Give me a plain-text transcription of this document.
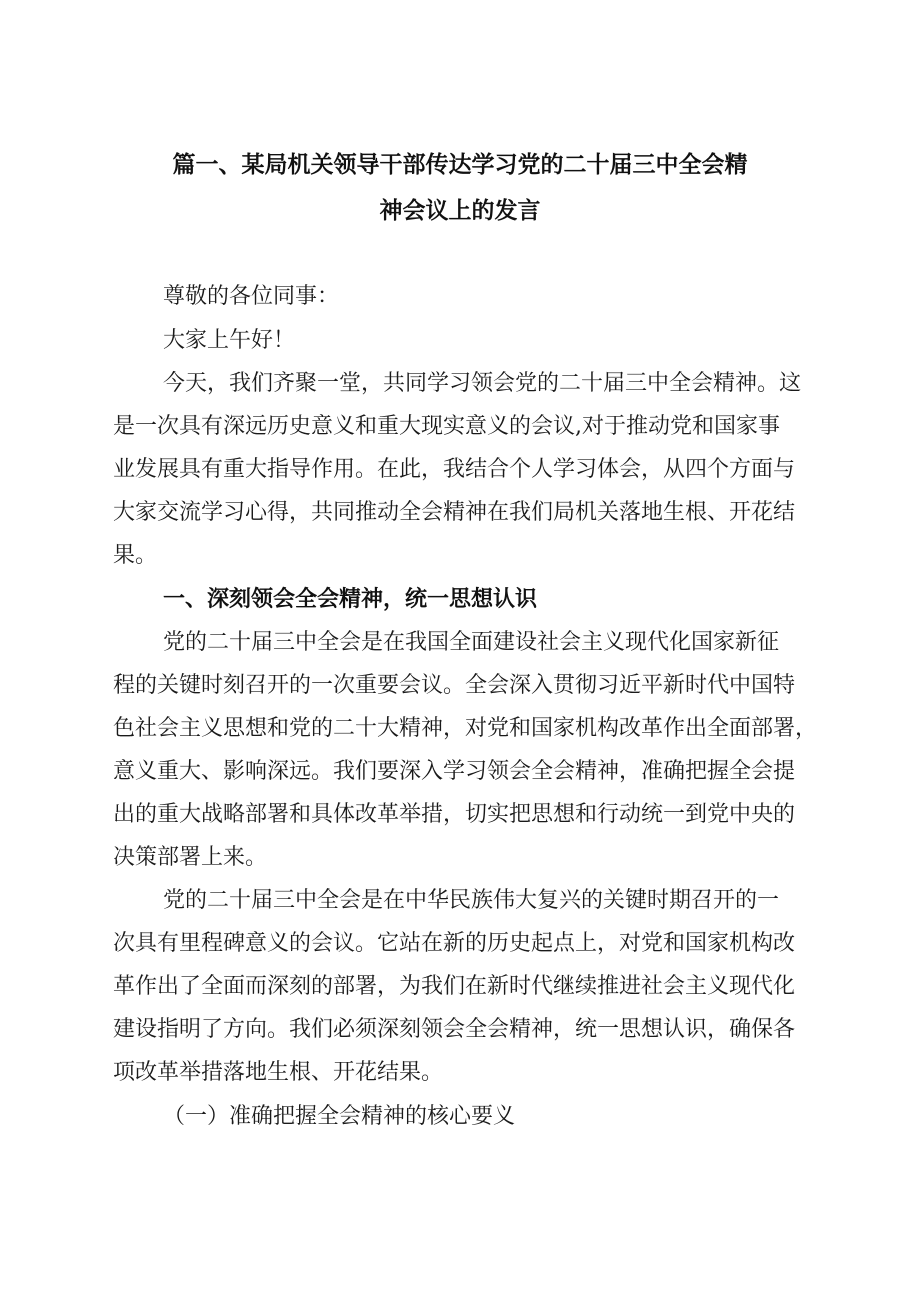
篇一、某局机关领导干部传达学习党的二十届三中全会精
神会议上的发言
尊敬的各位同事：
大家上午好！
今天，我们齐聚一堂，共同学习领会党的二十届三中全会精神。这
是一次具有深远历史意义和重大现实意义的会议,对于推动党和国家事
业发展具有重大指导作用。在此，我结合个人学习体会，从四个方面与
大家交流学习心得，共同推动全会精神在我们局机关落地生根、开花结
果。
一、深刻领会全会精神，统一思想认识
党的二十届三中全会是在我国全面建设社会主义现代化国家新征
程的关键时刻召开的一次重要会议。全会深入贯彻习近平新时代中国特
色社会主义思想和党的二十大精神，对党和国家机构改革作出全面部署，
意义重大、影响深远。我们要深入学习领会全会精神，准确把握全会提
出的重大战略部署和具体改革举措，切实把思想和行动统一到党中央的
决策部署上来。
党的二十届三中全会是在中华民族伟大复兴的关键时期召开的一
次具有里程碑意义的会议。它站在新的历史起点上，对党和国家机构改
革作出了全面而深刻的部署，为我们在新时代继续推进社会主义现代化
建设指明了方向。我们必须深刻领会全会精神，统一思想认识，确保各
项改革举措落地生根、开花结果。
（一）准确把握全会精神的核心要义
